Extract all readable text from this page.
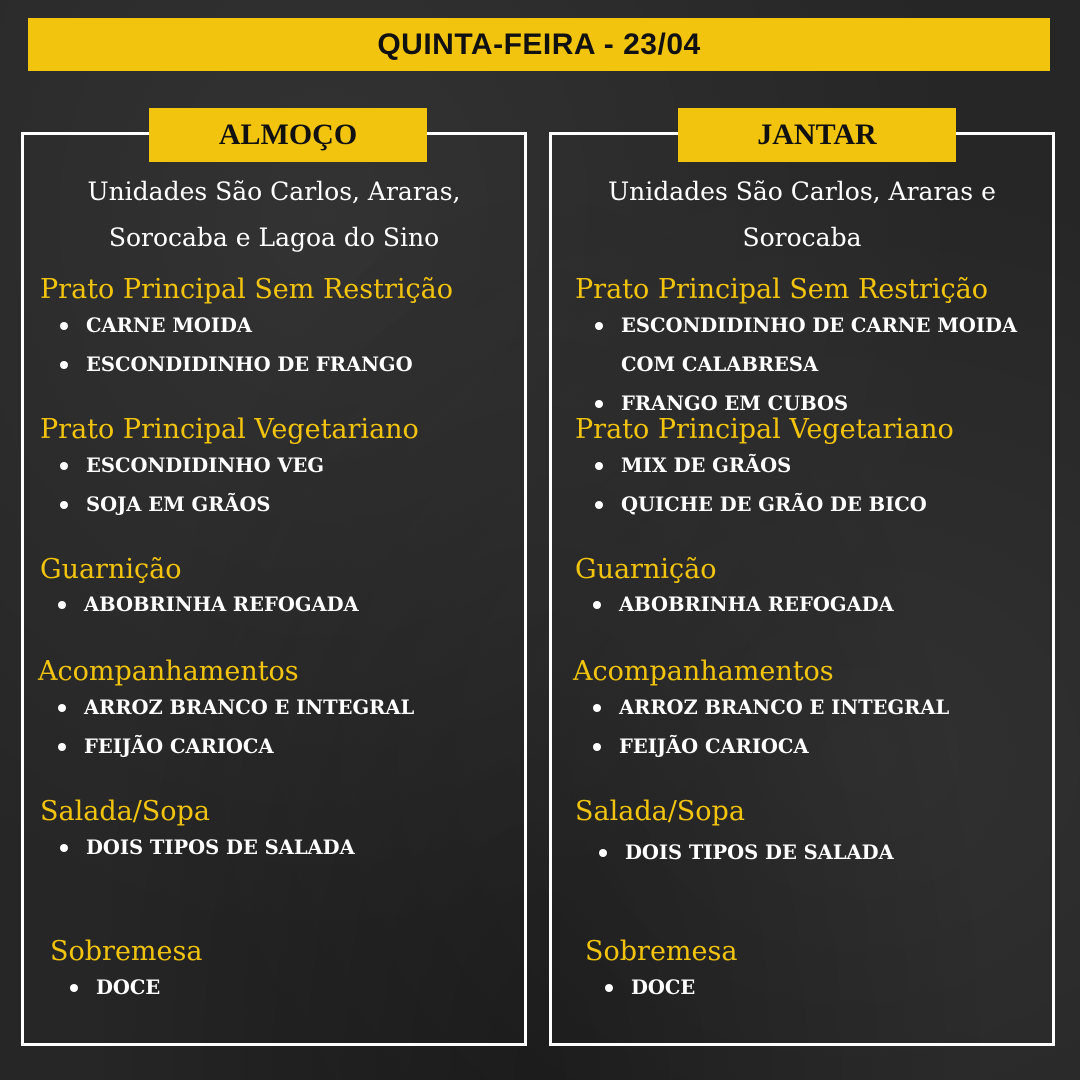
QUINTA-FEIRA - 23/04
ALMOÇO
Unidades São Carlos, Araras,
Sorocaba e Lagoa do Sino
Prato Principal Sem Restrição
CARNE MOIDA
ESCONDIDINHO DE FRANGO
Prato Principal Vegetariano
ESCONDIDINHO VEG
SOJA EM GRÃOS
Guarnição
ABOBRINHA REFOGADA
Acompanhamentos
ARROZ BRANCO E INTEGRAL
FEIJÃO CARIOCA
Salada/Sopa
DOIS TIPOS DE SALADA
Sobremesa
DOCE
JANTAR
Unidades São Carlos, Araras e
Sorocaba
Prato Principal Sem Restrição
ESCONDIDINHO DE CARNE MOIDA
COM CALABRESA
FRANGO EM CUBOS
Prato Principal Vegetariano
MIX DE GRÃOS
QUICHE DE GRÃO DE BICO
Guarnição
ABOBRINHA REFOGADA
Acompanhamentos
ARROZ BRANCO E INTEGRAL
FEIJÃO CARIOCA
Salada/Sopa
DOIS TIPOS DE SALADA
Sobremesa
DOCE
